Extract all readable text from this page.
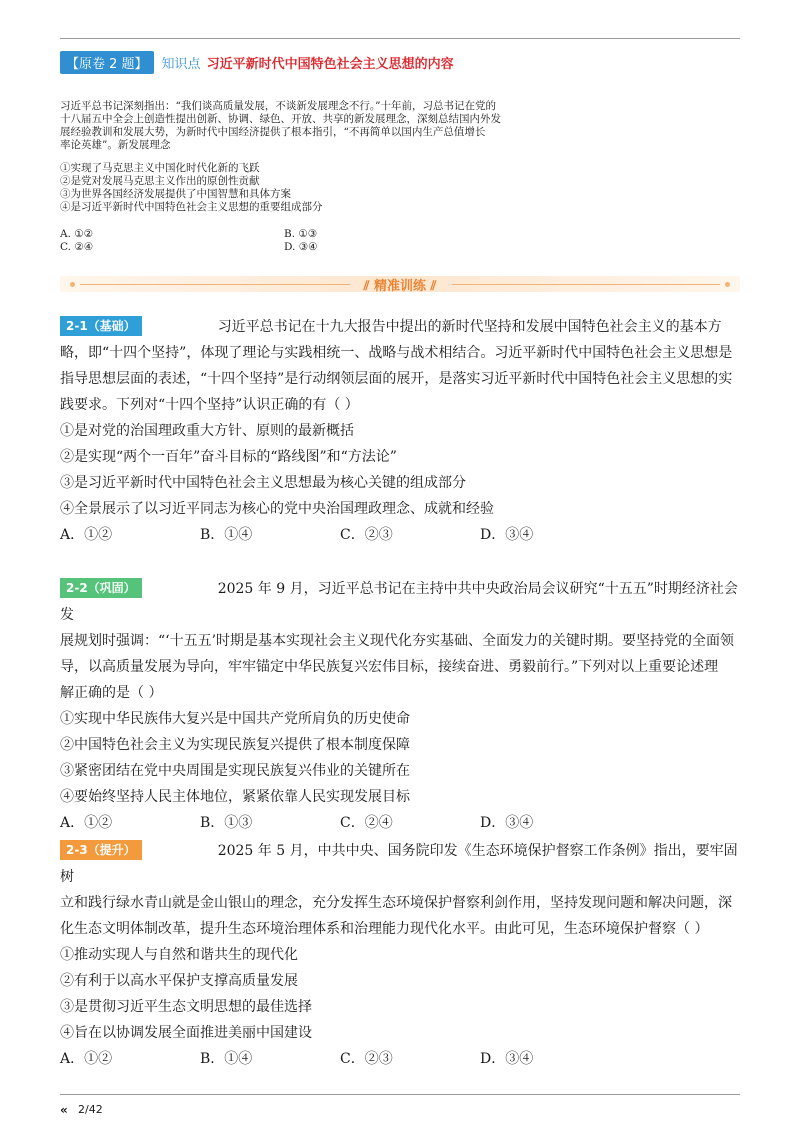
【原卷 2 题】	知识点 习近平新时代中国特色社会主义思想的内容
习近平总书记深刻指出：“我们谈高质量发展，不谈新发展理念不行。”十年前，习总书记在党的
十八届五中全会上创造性提出创新、协调、绿色、开放、共享的新发展理念，深刻总结国内外发
展经验教训和发展大势，为新时代中国经济提供了根本指引，“不再简单以国内生产总值增长
率论英雄”。新发展理念
①实现了马克思主义中国化时代化新的飞跃
②是党对发展马克思主义作出的原创性贡献
③为世界各国经济发展提供了中国智慧和具体方案
④是习近平新时代中国特色社会主义思想的重要组成部分
A. ①②	B. ①③
C. ②④	D. ③④
⫽ 精准训练 ⫽

2-1（基础）	习近平总书记在十九大报告中提出的新时代坚持和发展中国特色社会主义的基本方

略，即“十四个坚持”，体现了理论与实践相统一、战略与战术相结合。习近平新时代中国特色社会主义思想是

指导思想层面的表述，“十四个坚持”是行动纲领层面的展开，是落实习近平新时代中国特色社会主义思想的实

践要求。下列对“十四个坚持”认识正确的有（ ）

①是对党的治国理政重大方针、原则的最新概括

②是实现“两个一百年”奋斗目标的“路线图”和“方法论”

③是习近平新时代中国特色社会主义思想最为核心关键的组成部分

④全景展示了以习近平同志为核心的党中央治国理政理念、成就和经验

A．①②	B．①④	C．②③	D．③④

2-2（巩固）	2025 年 9 月，习近平总书记在主持中共中央政治局会议研究“十五五”时期经济社会发

展规划时强调：“‘十五五’时期是基本实现社会主义现代化夯实基础、全面发力的关键时期。要坚持党的全面领

导，以高质量发展为导向，牢牢锚定中华民族复兴宏伟目标，接续奋进、勇毅前行。”下列对以上重要论述理

解正确的是（ ）

①实现中华民族伟大复兴是中国共产党所肩负的历史使命

②中国特色社会主义为实现民族复兴提供了根本制度保障

③紧密团结在党中央周围是实现民族复兴伟业的关键所在

④要始终坚持人民主体地位，紧紧依靠人民实现发展目标

A．①②	B．①③	C．②④	D．③④

2-3（提升）	2025 年 5 月，中共中央、国务院印发《生态环境保护督察工作条例》指出，要牢固树

立和践行绿水青山就是金山银山的理念，充分发挥生态环境保护督察利剑作用，坚持发现问题和解决问题，深

化生态文明体制改革，提升生态环境治理体系和治理能力现代化水平。由此可见，生态环境保护督察（ ）

①推动实现人与自然和谐共生的现代化

②有利于以高水平保护支撑高质量发展

③是贯彻习近平生态文明思想的最佳选择

④旨在以协调发展全面推进美丽中国建设

A．①②	B．①④	C．②③	D．③④
« 2/42
